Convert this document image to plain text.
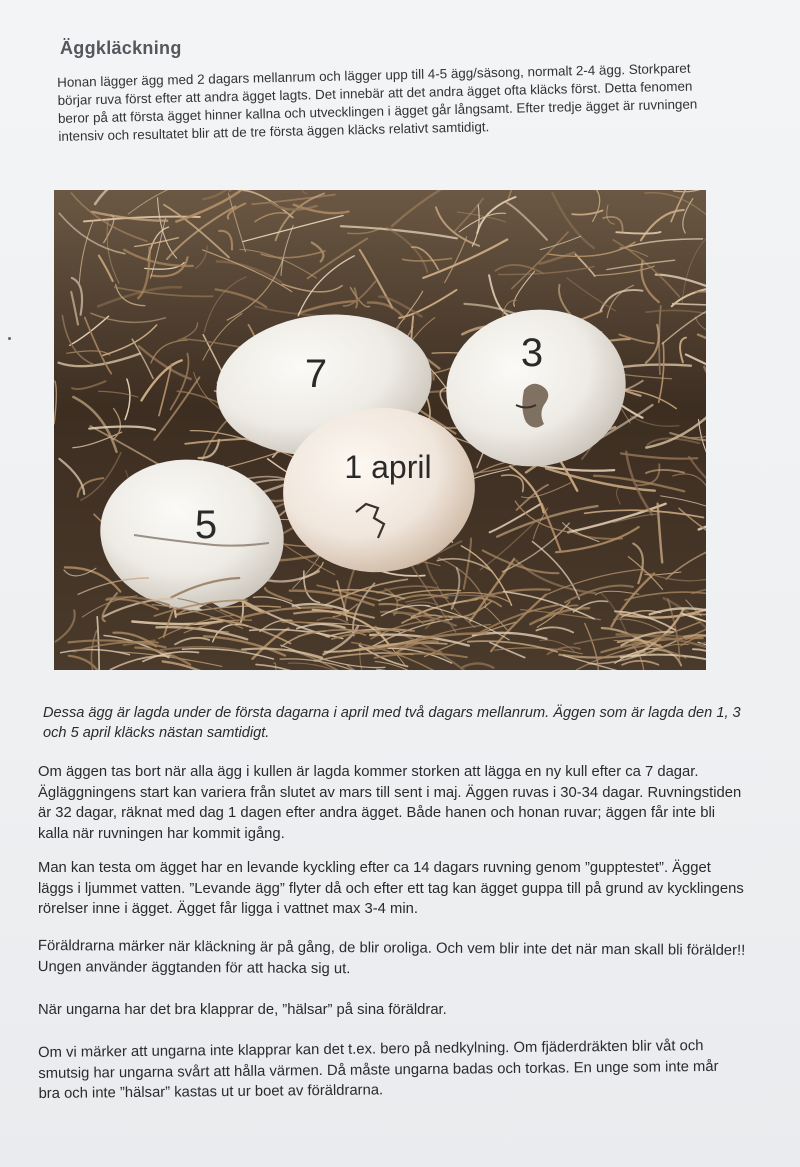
Äggkläckning
Honan lägger ägg med 2 dagars mellanrum och lägger upp till 4-5 ägg/säsong, normalt 2-4 ägg. Storkparet börjar ruva först efter att andra ägget lagts. Det innebär att det andra ägget ofta kläcks först. Detta fenomen beror på att första ägget hinner kallna och utvecklingen i ägget går långsamt. Efter tredje ägget är ruvningen intensiv och resultatet blir att de tre första äggen kläcks relativt samtidigt.
7	3
5
1 april
Dessa ägg är lagda under de första dagarna i april med två dagars mellanrum. Äggen som är lagda den 1, 3 och 5 april kläcks nästan samtidigt.
Om äggen tas bort när alla ägg i kullen är lagda kommer storken att lägga en ny kull efter ca 7 dagar. Ägläggningens start kan variera från slutet av mars till sent i maj. Äggen ruvas i 30-34 dagar. Ruvningstiden är 32 dagar, räknat med dag 1 dagen efter andra ägget. Både hanen och honan ruvar; äggen får inte bli kalla när ruvningen har kommit igång.
Man kan testa om ägget har en levande kyckling efter ca 14 dagars ruvning genom ”gupptestet”. Ägget läggs i ljummet vatten. ”Levande ägg” flyter då och efter ett tag kan ägget guppa till på grund av kycklingens rörelser inne i ägget. Ägget får ligga i vattnet max 3-4 min.
Föräldrarna märker när kläckning är på gång, de blir oroliga. Och vem blir inte det när man skall bli förälder!! Ungen använder äggtanden för att hacka sig ut.
När ungarna har det bra klapprar de, ”hälsar” på sina föräldrar.
Om vi märker att ungarna inte klapprar kan det t.ex. bero på nedkylning. Om fjäderdräkten blir våt och smutsig har ungarna svårt att hålla värmen. Då måste ungarna badas och torkas. En unge som inte mår bra och inte ”hälsar” kastas ut ur boet av föräldrarna.
